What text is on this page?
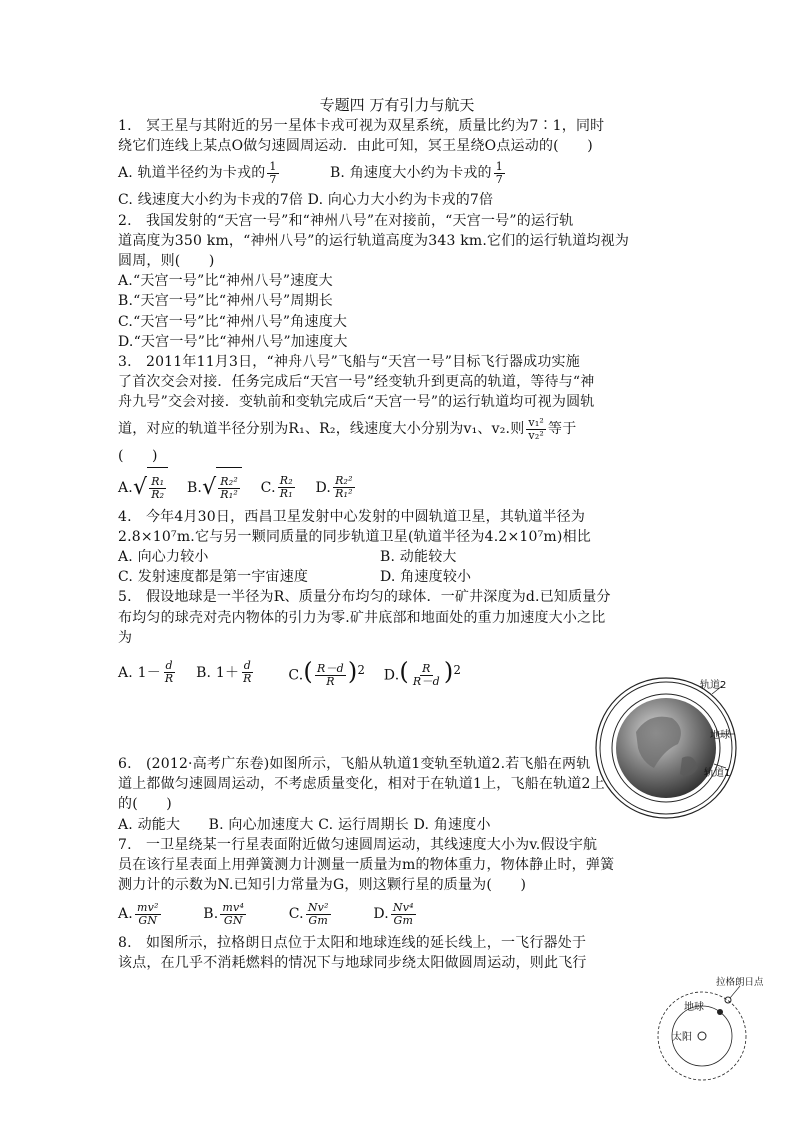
专题四 万有引力与航天
1.　冥王星与其附近的另一星体卡戎可视为双星系统，质量比约为7∶1，同时
绕它们连线上某点O做匀速圆周运动．由此可知，冥王星绕O点运动的(　　)
A. 轨道半径约为卡戎的 $\frac{1}{7}$	B. 角速度大小约为卡戎的 $\frac{1}{7}$
C. 线速度大小约为卡戎的7倍 D. 向心力大小约为卡戎的7倍
2.　我国发射的“天宫一号”和“神州八号”在对接前，“天宫一号”的运行轨
道高度为350 km，“神州八号”的运行轨道高度为343 km.它们的运行轨道均视为
圆周，则(　　)
A.“天宫一号”比“神州八号”速度大
B.“天宫一号”比“神州八号”周期长
C.“天宫一号”比“神州八号”角速度大
D.“天宫一号”比“神州八号”加速度大
3.　2011年11月3日，“神舟八号”飞船与“天宫一号”目标飞行器成功实施
了首次交会对接．任务完成后“天宫一号”经变轨升到更高的轨道，等待与“神
舟九号”交会对接．变轨前和变轨完成后“天宫一号”的运行轨道均可视为圆轨
道，对应的轨道半径分别为R₁、R₂，线速度大小分别为v₁、v₂.则 $\frac{\text{v₁²}}{\text{v₂²}}$ 等于
(　　)
A. √ $\frac{\text{R₁}}{\text{R₂}} B$. √ $\frac{\text{R₂²}}{\text{R₁²}} C$. $\frac{\text{R₂}}{\text{R₁}} D$. $\frac{\text{R₂²}}{\text{R₁²}}$
4.　今年4月30日，西昌卫星发射中心发射的中圆轨道卫星，其轨道半径为
2.8×10⁷m.它与另一颗同质量的同步轨道卫星(轨道半径为4.2×10⁷m)相比
A. 向心力较小	B. 动能较大
C. 发射速度都是第一宇宙速度	D. 角速度较小
5.　假设地球是一半径为R、质量分布均匀的球体．一矿井深度为d.已知质量分
布均匀的球壳对壳内物体的引力为零.矿井底部和地面处的重力加速度大小之比
为
A. $1- \frac{d}{R} B$. $1+ \frac{d}{R} C.( \frac{R-d}{R} )^2$ $D.( \frac{R}{R-d} )^2$
6.　(2012·高考广东卷)如图所示，飞船从轨道1变轨至轨道2.若飞船在两轨
道上都做匀速圆周运动，不考虑质量变化，相对于在轨道1上，飞船在轨道2上
的(　　)
A. 动能大　　B. 向心加速度大 C. 运行周期长 D. 角速度小
7.　一卫星绕某一行星表面附近做匀速圆周运动，其线速度大小为v.假设宇航
员在该行星表面上用弹簧测力计测量一质量为m的物体重力，物体静止时，弹簧
测力计的示数为N.已知引力常量为G，则这颗行星的质量为(　　)
A. $\frac{\text{mv²}}{GN}$	B. $\frac{\text{mv⁴}}{GN}$	C. $\frac{\text{Nv²}}{Gm}$	D. $\frac{\text{Nv⁴}}{Gm}$
8.　如图所示，拉格朗日点位于太阳和地球连线的延长线上，一飞行器处于
该点，在几乎不消耗燃料的情况下与地球同步绕太阳做圆周运动，则此飞行
轨道2
地球
轨道1
拉格朗日点
地球
太阳
